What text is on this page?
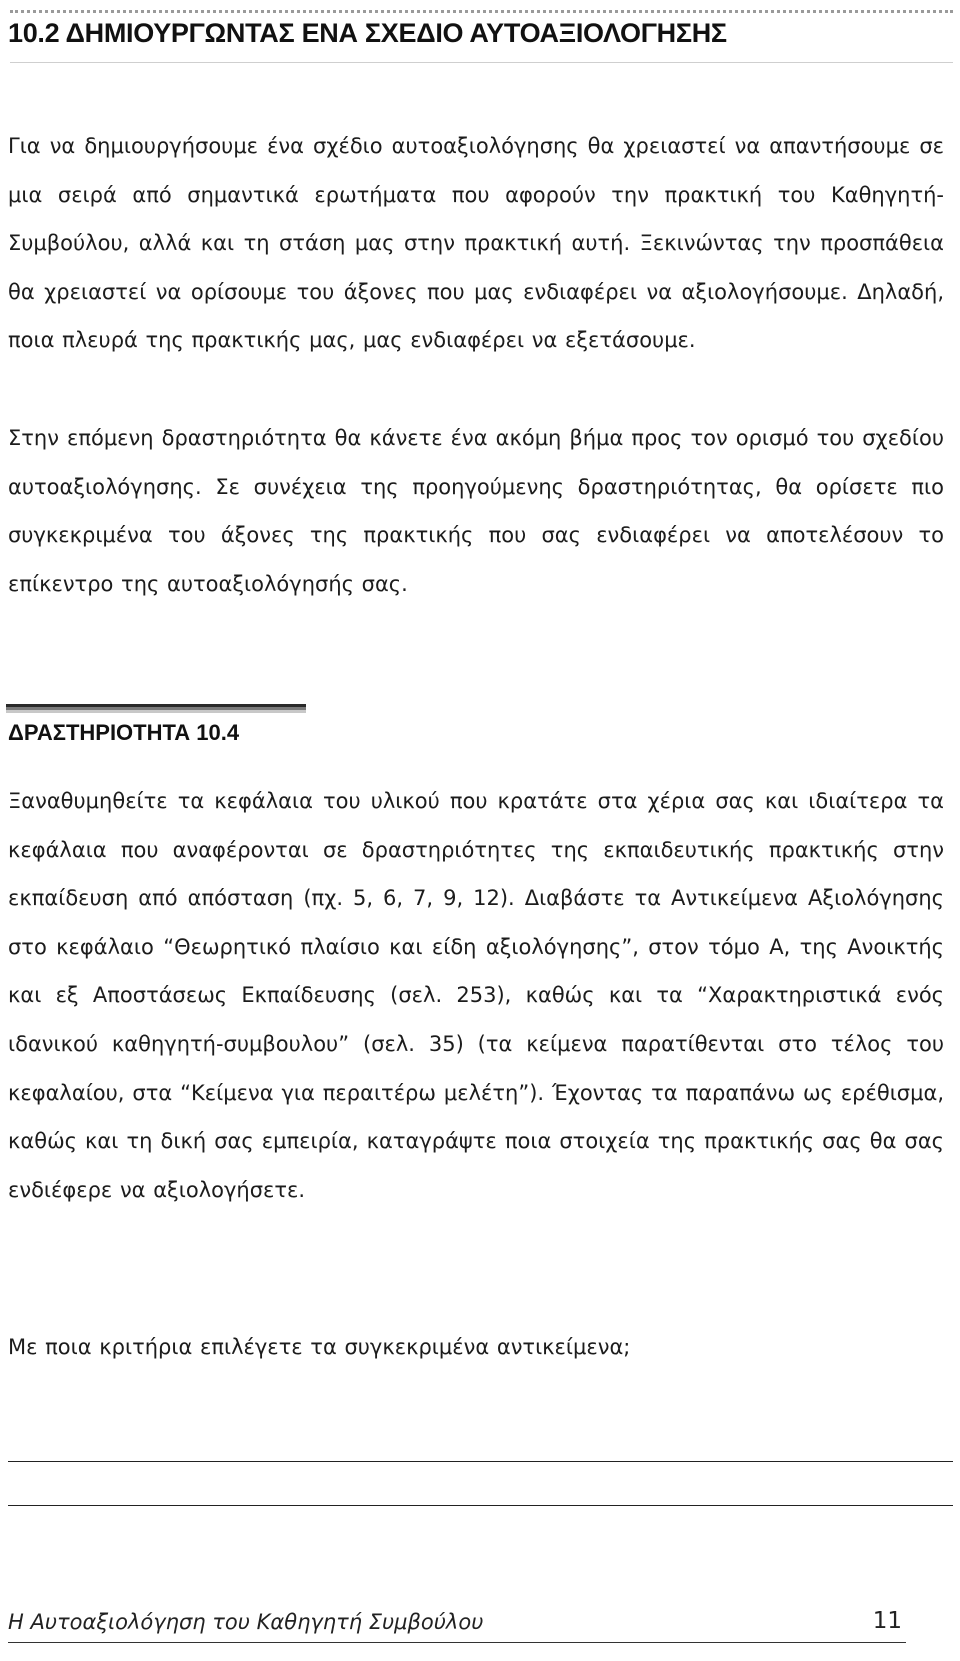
10.2 ΔΗΜΙΟΥΡΓΩΝΤΑΣ ΕΝΑ ΣΧΕΔΙΟ ΑΥΤΟΑΞΙΟΛΟΓΗΣΗΣ

Για να δημιουργήσουμε ένα σχέδιο αυτοαξιολόγησης θα χρειαστεί να απαντήσουμε σε μια σειρά από σημαντικά ερωτήματα που αφορούν την πρακτική του Καθηγητή-Συμβούλου, αλλά και τη στάση μας στην πρακτική αυτή. Ξεκινώντας την προσπάθεια θα χρειαστεί να ορίσουμε του άξονες που μας ενδιαφέρει να αξιολογήσουμε. Δηλαδή, ποια πλευρά της πρακτικής μας, μας ενδιαφέρει να εξετάσουμε.

Στην επόμενη δραστηριότητα θα κάνετε ένα ακόμη βήμα προς τον ορισμό του σχεδίου αυτοαξιολόγησης. Σε συνέχεια της προηγούμενης δραστηριότητας, θα ορίσετε πιο συγκεκριμένα του άξονες της πρακτικής που σας ενδιαφέρει να αποτελέσουν το επίκεντρο της αυτοαξιολόγησής σας.

ΔΡΑΣΤΗΡΙΟΤΗΤΑ 10.4

Ξαναθυμηθείτε τα κεφάλαια του υλικού που κρατάτε στα χέρια σας και ιδιαίτερα τα κεφάλαια που αναφέρονται σε δραστηριότητες της εκπαιδευτικής πρακτικής στην εκπαίδευση από απόσταση (πχ. 5, 6, 7, 9, 12). Διαβάστε τα Αντικείμενα Αξιολόγησης στο κεφάλαιο “Θεωρητικό πλαίσιο και είδη αξιολόγησης”, στον τόμο Α, της Ανοικτής και εξ Αποστάσεως Εκπαίδευσης (σελ. 253), καθώς και τα “Χαρακτηριστικά ενός ιδανικού καθηγητή-συμβουλου” (σελ. 35) (τα κείμενα παρατίθενται στο τέλος του κεφαλαίου, στα “Κείμενα για περαιτέρω μελέτη”). Έχοντας τα παραπάνω ως ερέθισμα, καθώς και τη δική σας εμπειρία, καταγράψτε ποια στοιχεία της πρακτικής σας θα σας ενδιέφερε να αξιολογήσετε.

Με ποια κριτήρια επιλέγετε τα συγκεκριμένα αντικείμενα;

Η Αυτοαξιολόγηση του Καθηγητή Συμβούλου	11
